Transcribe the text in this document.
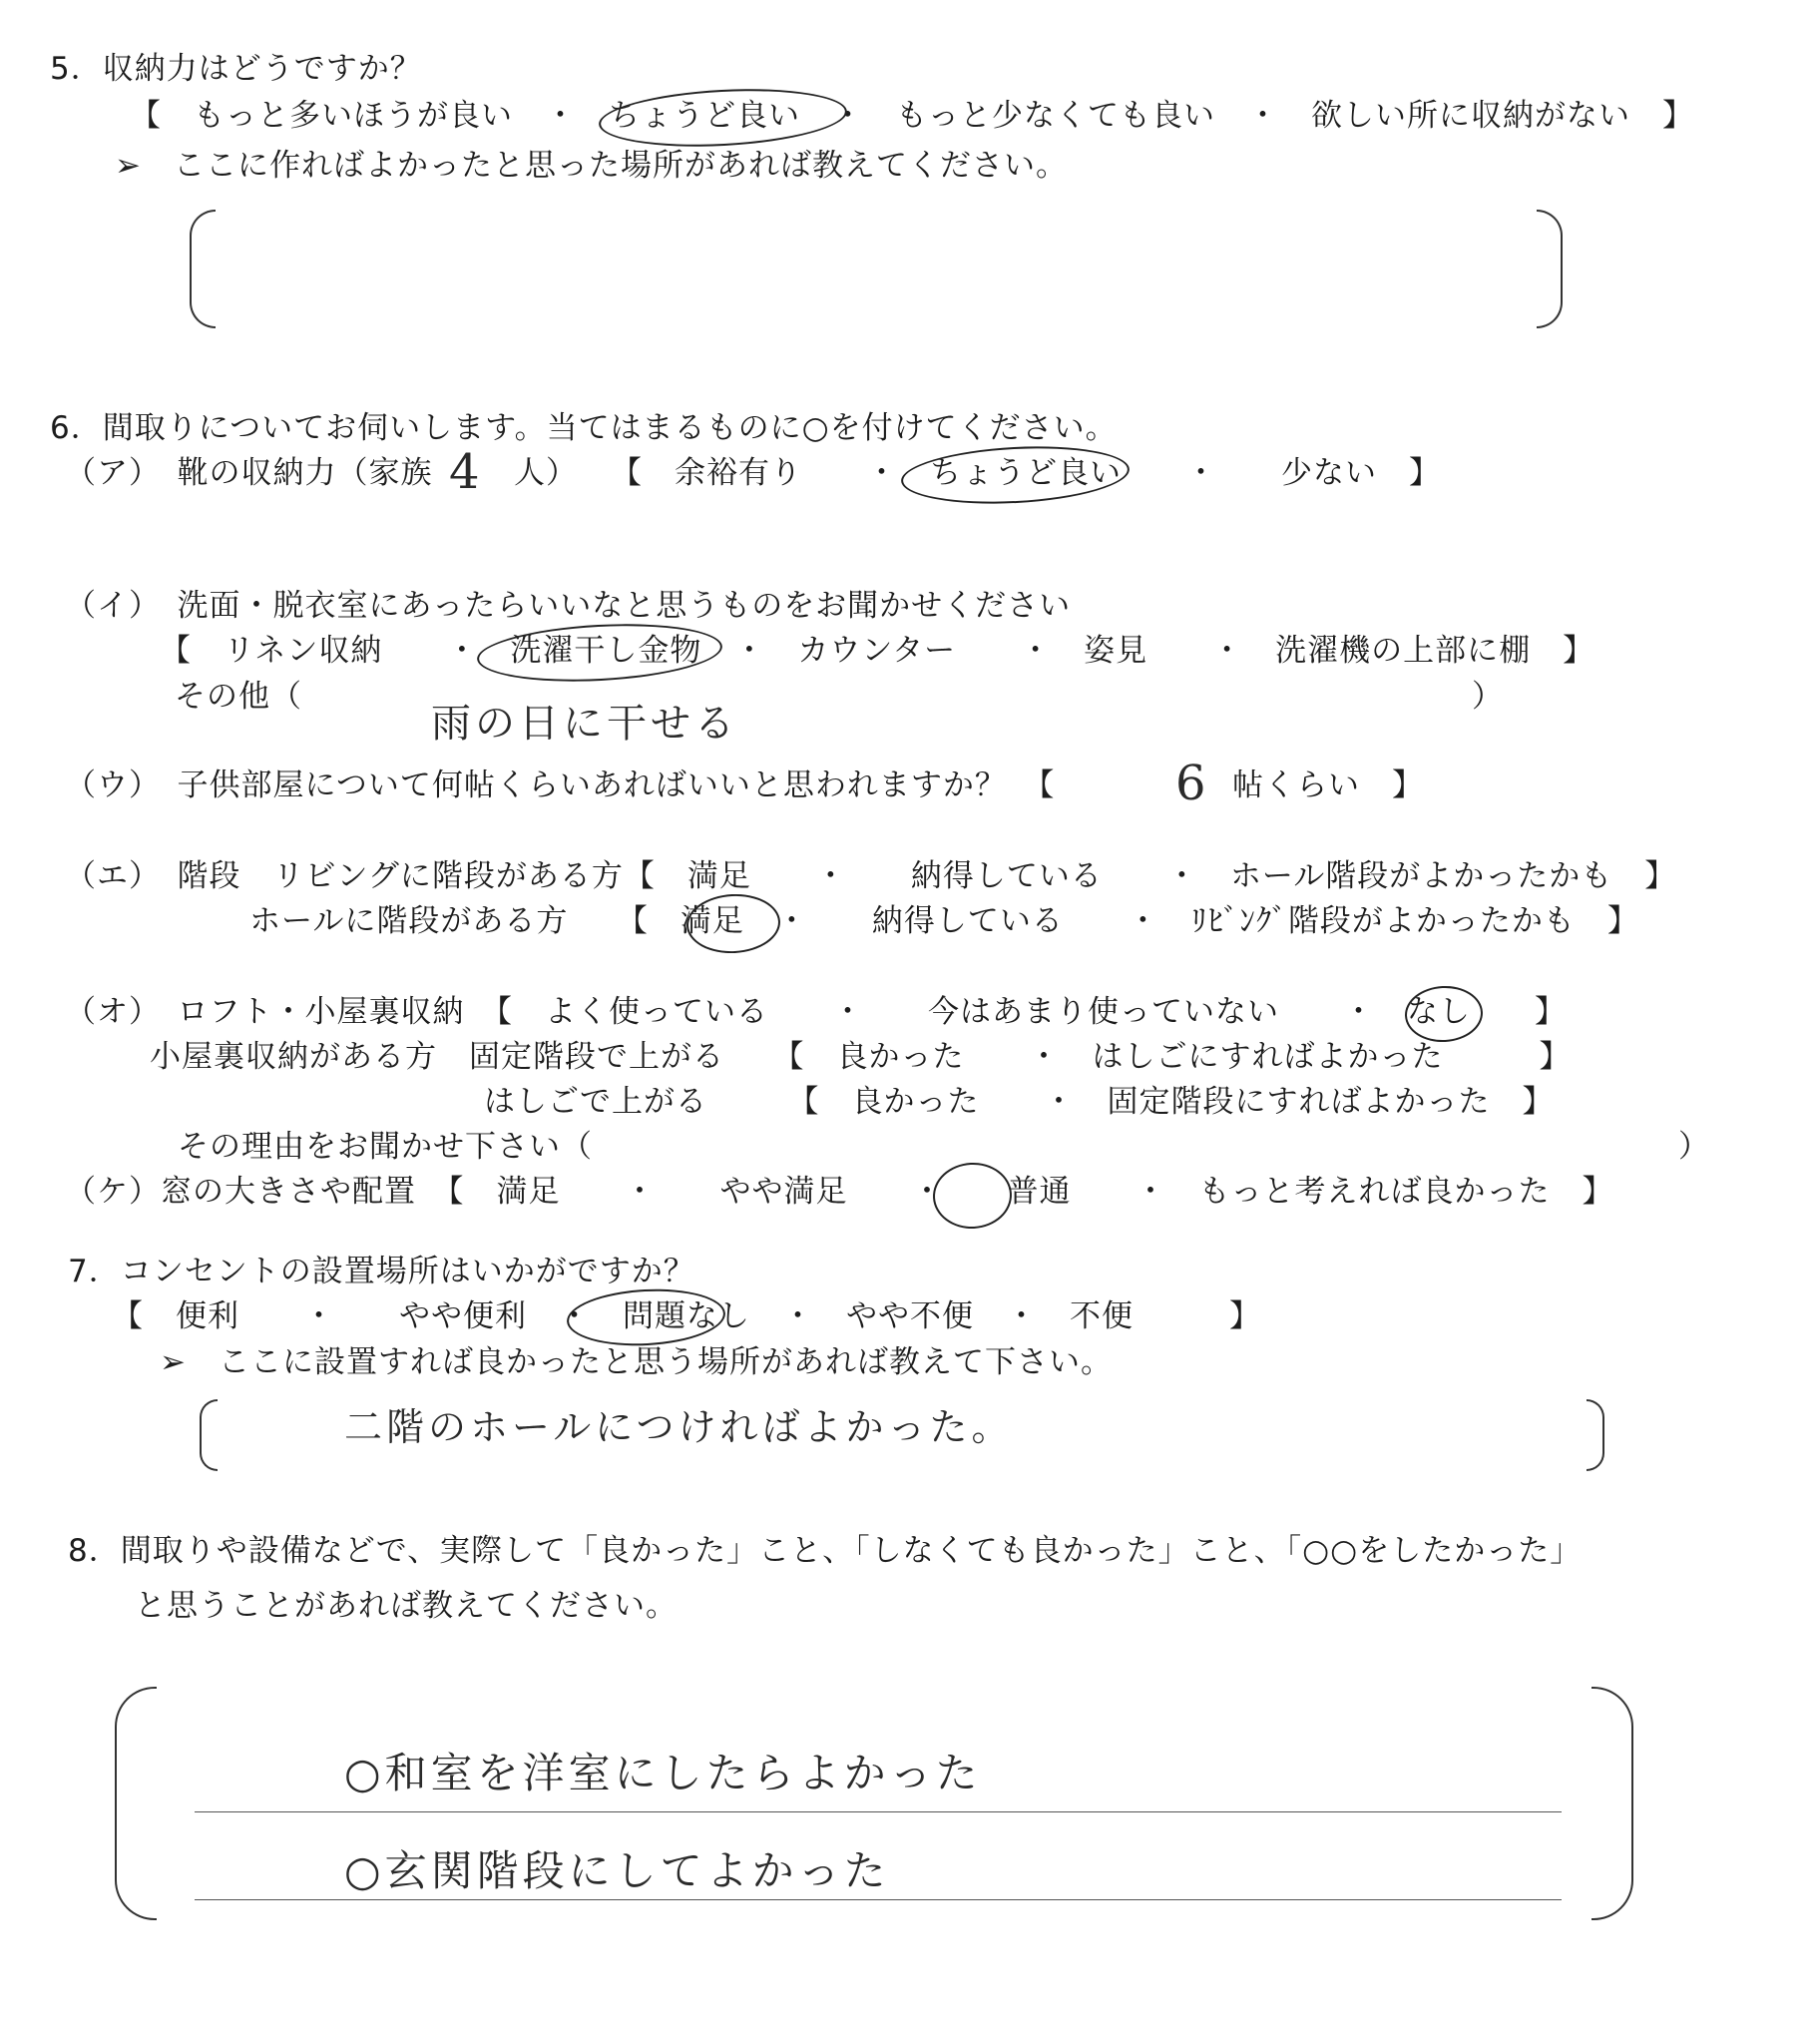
5．収納力はどうですか？
【　もっと多いほうが良い　・　ちょうど良い　・　もっと少なくても良い　・　欲しい所に収納がない　】
➢　ここに作ればよかったと思った場所があれば教えてください。
6．間取りについてお伺いします。当てはまるものに○を付けてください。
（ア）　靴の収納力（家族 4 人）　　【　余裕有り　　・　ちょうど良い　　・　　少ない　】
（イ）　洗面・脱衣室にあったらいいなと思うものをお聞かせください
【　リネン収納　　・　洗濯干し金物　・　カウンター　　・　姿見　　・　洗濯機の上部に棚　】
その他（	）
雨の日に干せる
（ウ）　子供部屋について何帖くらいあればいいと思われますか？　【	6 帖くらい　】
（エ）　階段　リビングに階段がある方【　満足　　・　　納得している　　・　ホール階段がよかったかも　】
ホールに階段がある方　　【　満足　・　　納得している　　・　ﾘﾋﾞﾝｸﾞ階段がよかったかも　】
（オ）　ロフト・小屋裏収納　【　よく使っている　　・　　今はあまり使っていない　　・　なし　　】
小屋裏収納がある方　固定階段で上がる　　【　良かった　　・　はしごにすればよかった　　　】
はしごで上がる　　　【　良かった　　・　固定階段にすればよかった　】
その理由をお聞かせ下さい（	）
（ケ）窓の大きさや配置　【　満足　　・　　やや満足　　・　　普通　　・　もっと考えれば良かった　】
7．コンセントの設置場所はいかがですか？
【　便利　　・　　やや便利　・　問題なし　・　やや不便　・　不便　　　】
➢　ここに設置すれば良かったと思う場所があれば教えて下さい。
二階のホールにつければよかった。
8．間取りや設備などで、実際して「良かった」こと、「しなくても良かった」こと、「○○をしたかった」
と思うことがあれば教えてください。
○和室を洋室にしたらよかった
○玄関階段にしてよかった
